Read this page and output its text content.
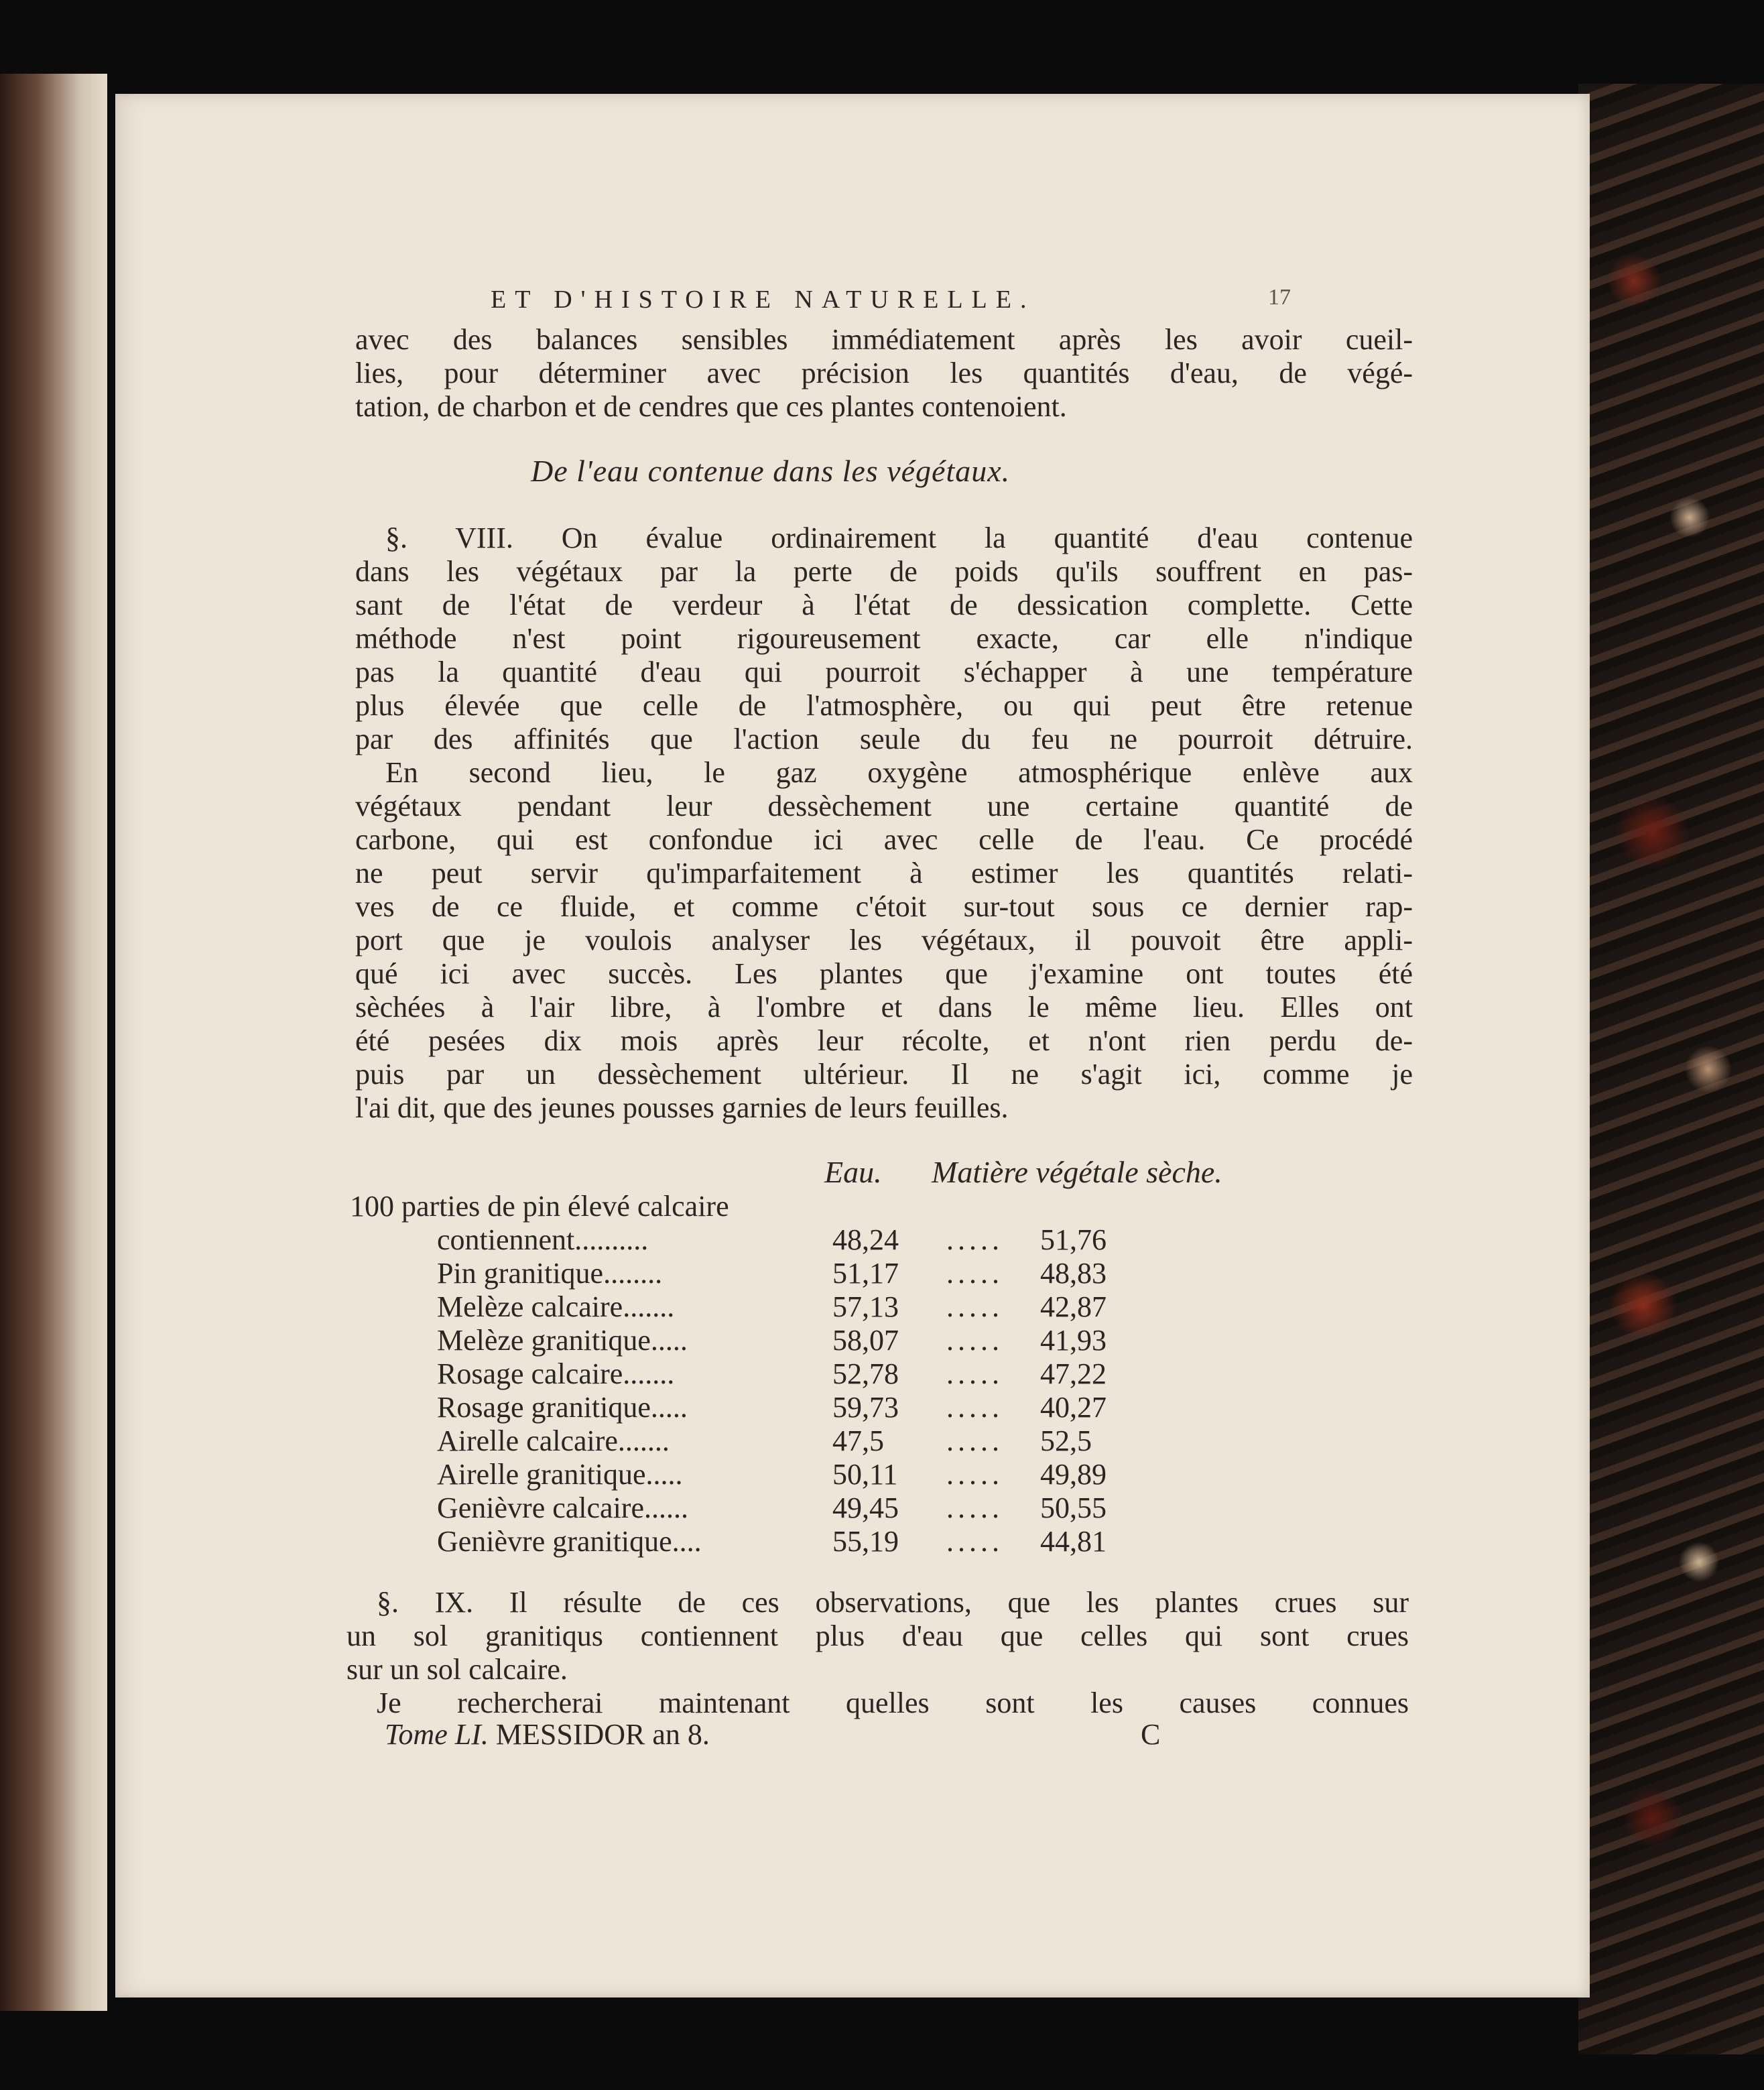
ET D'HISTOIRE NATURELLE.	17
avec des balances sensibles immédiatement après les avoir cueil-
lies, pour déterminer avec précision les quantités d'eau, de végé-
tation, de charbon et de cendres que ces plantes contenoient.
De l'eau contenue dans les végétaux.
§. VIII. On évalue ordinairement la quantité d'eau contenue
dans les végétaux par la perte de poids qu'ils souffrent en pas-
sant de l'état de verdeur à l'état de dessication complette. Cette
méthode n'est point rigoureusement exacte, car elle n'indique
pas la quantité d'eau qui pourroit s'échapper à une température
plus élevée que celle de l'atmosphère, ou qui peut être retenue
par des affinités que l'action seule du feu ne pourroit détruire.
En second lieu, le gaz oxygène atmosphérique enlève aux
végétaux pendant leur dessèchement une certaine quantité de
carbone, qui est confondue ici avec celle de l'eau. Ce procédé
ne peut servir qu'imparfaitement à estimer les quantités relati-
ves de ce fluide, et comme c'étoit sur-tout sous ce dernier rap-
port que je voulois analyser les végétaux, il pouvoit être appli-
qué ici avec succès. Les plantes que j'examine ont toutes été
sèchées à l'air libre, à l'ombre et dans le même lieu. Elles ont
été pesées dix mois après leur récolte, et n'ont rien perdu de-
puis par un dessèchement ultérieur. Il ne s'agit ici, comme je
l'ai dit, que des jeunes pousses garnies de leurs feuilles.
Eau. Matière végétale sèche.
100 parties de pin élevé calcaire
contiennent..........	48,24 ..... 51,76
Pin granitique........	51,17 ..... 48,83
Melèze calcaire.......	57,13 ..... 42,87
Melèze granitique.....	58,07 ..... 41,93
Rosage calcaire.......	52,78 ..... 47,22
Rosage granitique.....	59,73 ..... 40,27
Airelle calcaire.......	47,5 ..... 52,5
Airelle granitique.....	50,11 ..... 49,89
Genièvre calcaire......	49,45 ..... 50,55
Genièvre granitique....	55,19 ..... 44,81
§. IX. Il résulte de ces observations, que les plantes crues sur
un sol granitiqus contiennent plus d'eau que celles qui sont crues
sur un sol calcaire.
Je rechercherai maintenant quelles sont les causes connues
Tome LI. MESSIDOR an 8.	C
